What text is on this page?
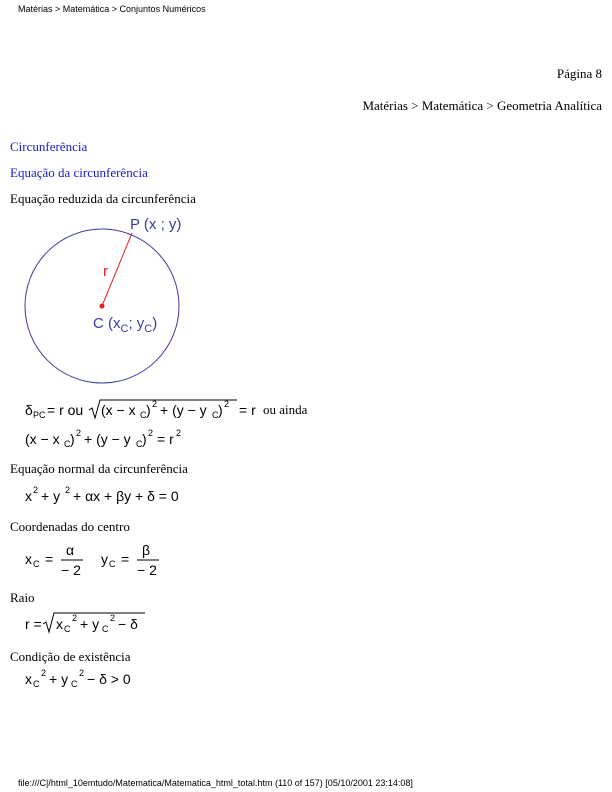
Matérias > Matemática > Conjuntos Numéricos
Página 8
Matérias > Matemática > Geometria Analítica
Circunferência
Equação da circunferência
Equação reduzida da circunferência
P (x ; y)
r
C ($x_C$; $y_C$)
δ PC = r ou (x − x C ) 2 + (y − y C ) 2 = r ou ainda
(x − x C ) 2 + (y − y C ) 2 = r 2
Equação normal da circunferência
x 2 + y 2 + αx + βy + δ = 0
Coordenadas do centro
x C =
α
− 2
y C =
β
− 2
Raio
r = x C
2 + y C
2 − δ
Condição de existência
x C
2 + y C
2 − δ > 0
file:///C|/html_10emtudo/Matematica/Matematica_html_total.htm (110 of 157) [05/10/2001 23:14:08]
